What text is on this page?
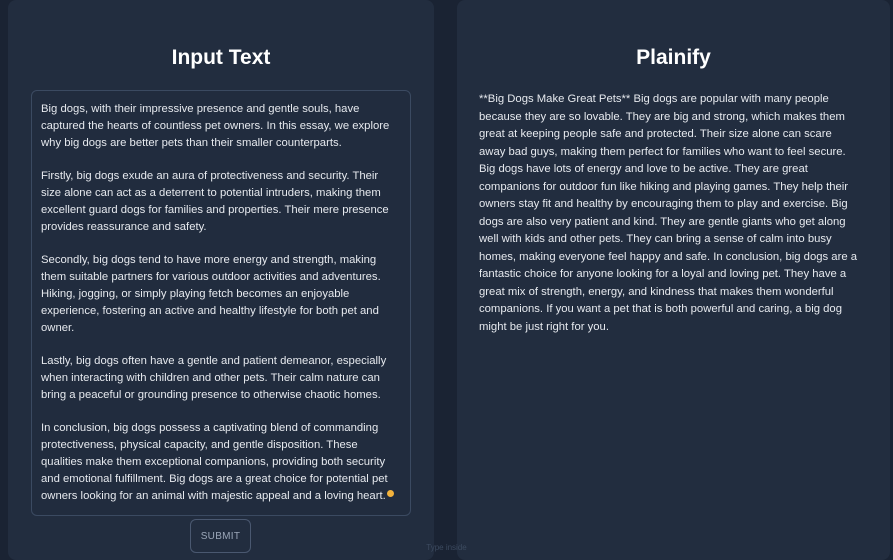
Input Text

Big dogs, with their impressive presence and gentle souls, have captured the hearts of countless pet owners. In this essay, we explore why big dogs are better pets than their smaller counterparts.

Firstly, big dogs exude an aura of protectiveness and security. Their size alone can act as a deterrent to potential intruders, making them excellent guard dogs for families and properties. Their mere presence provides reassurance and safety.

Secondly, big dogs tend to have more energy and strength, making them suitable partners for various outdoor activities and adventures. Hiking, jogging, or simply playing fetch becomes an enjoyable experience, fostering an active and healthy lifestyle for both pet and owner.

Lastly, big dogs often have a gentle and patient demeanor, especially when interacting with children and other pets. Their calm nature can bring a peaceful or grounding presence to otherwise chaotic homes.

In conclusion, big dogs possess a captivating blend of commanding protectiveness, physical capacity, and gentle disposition. These qualities make them exceptional companions, providing both security and emotional fulfillment. Big dogs are a great choice for potential pet owners looking for an animal with majestic appeal and a loving heart.

SUBMIT
Plainify
**Big Dogs Make Great Pets** Big dogs are popular with many people because they are so lovable. They are big and strong, which makes them great at keeping people safe and protected. Their size alone can scare away bad guys, making them perfect for families who want to feel secure. Big dogs have lots of energy and love to be active. They are great companions for outdoor fun like hiking and playing games. They help their owners stay fit and healthy by encouraging them to play and exercise. Big dogs are also very patient and kind. They are gentle giants who get along well with kids and other pets. They can bring a sense of calm into busy homes, making everyone feel happy and safe. In conclusion, big dogs are a fantastic choice for anyone looking for a loyal and loving pet. They have a great mix of strength, energy, and kindness that makes them wonderful companions. If you want a pet that is both powerful and caring, a big dog might be just right for you.
Type inside
